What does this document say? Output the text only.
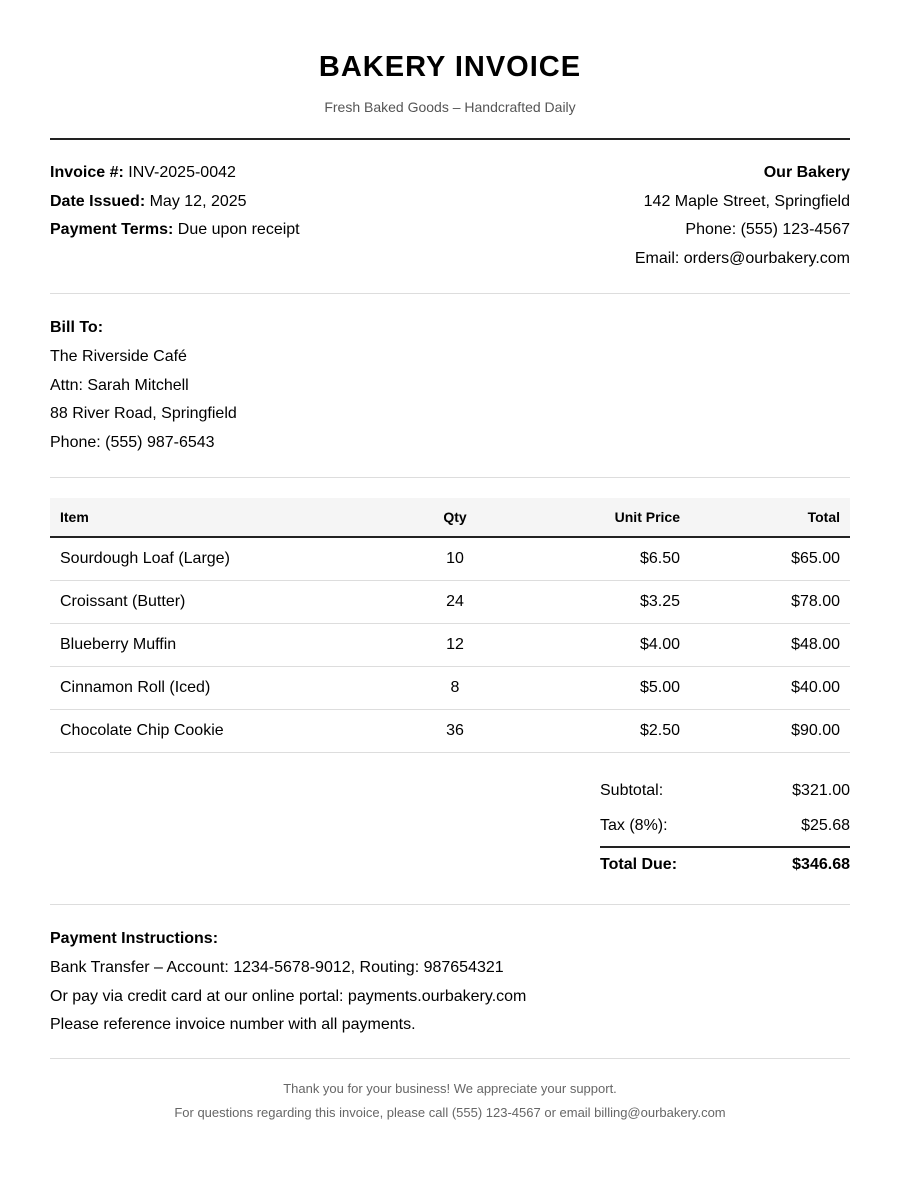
BAKERY INVOICE
Fresh Baked Goods – Handcrafted Daily
Invoice #: INV-2025-0042
Date Issued: May 12, 2025
Payment Terms: Due upon receipt
Our Bakery
142 Maple Street, Springfield
Phone: (555) 123-4567
Email: orders@ourbakery.com
Bill To:
The Riverside Café
Attn: Sarah Mitchell
88 River Road, Springfield
Phone: (555) 987-6543
Item	Qty	Unit Price	Total
Sourdough Loaf (Large)	10	$6.50	$65.00
Croissant (Butter)	24	$3.25	$78.00
Blueberry Muffin	12	$4.00	$48.00
Cinnamon Roll (Iced)	8	$5.00	$40.00
Chocolate Chip Cookie	36	$2.50	$90.00
Subtotal:	$321.00
Tax (8%):	$25.68
Total Due:	$346.68
Payment Instructions:
Bank Transfer – Account: 1234-5678-9012, Routing: 987654321
Or pay via credit card at our online portal: payments.ourbakery.com
Please reference invoice number with all payments.
Thank you for your business! We appreciate your support.
For questions regarding this invoice, please call (555) 123-4567 or email billing@ourbakery.com
